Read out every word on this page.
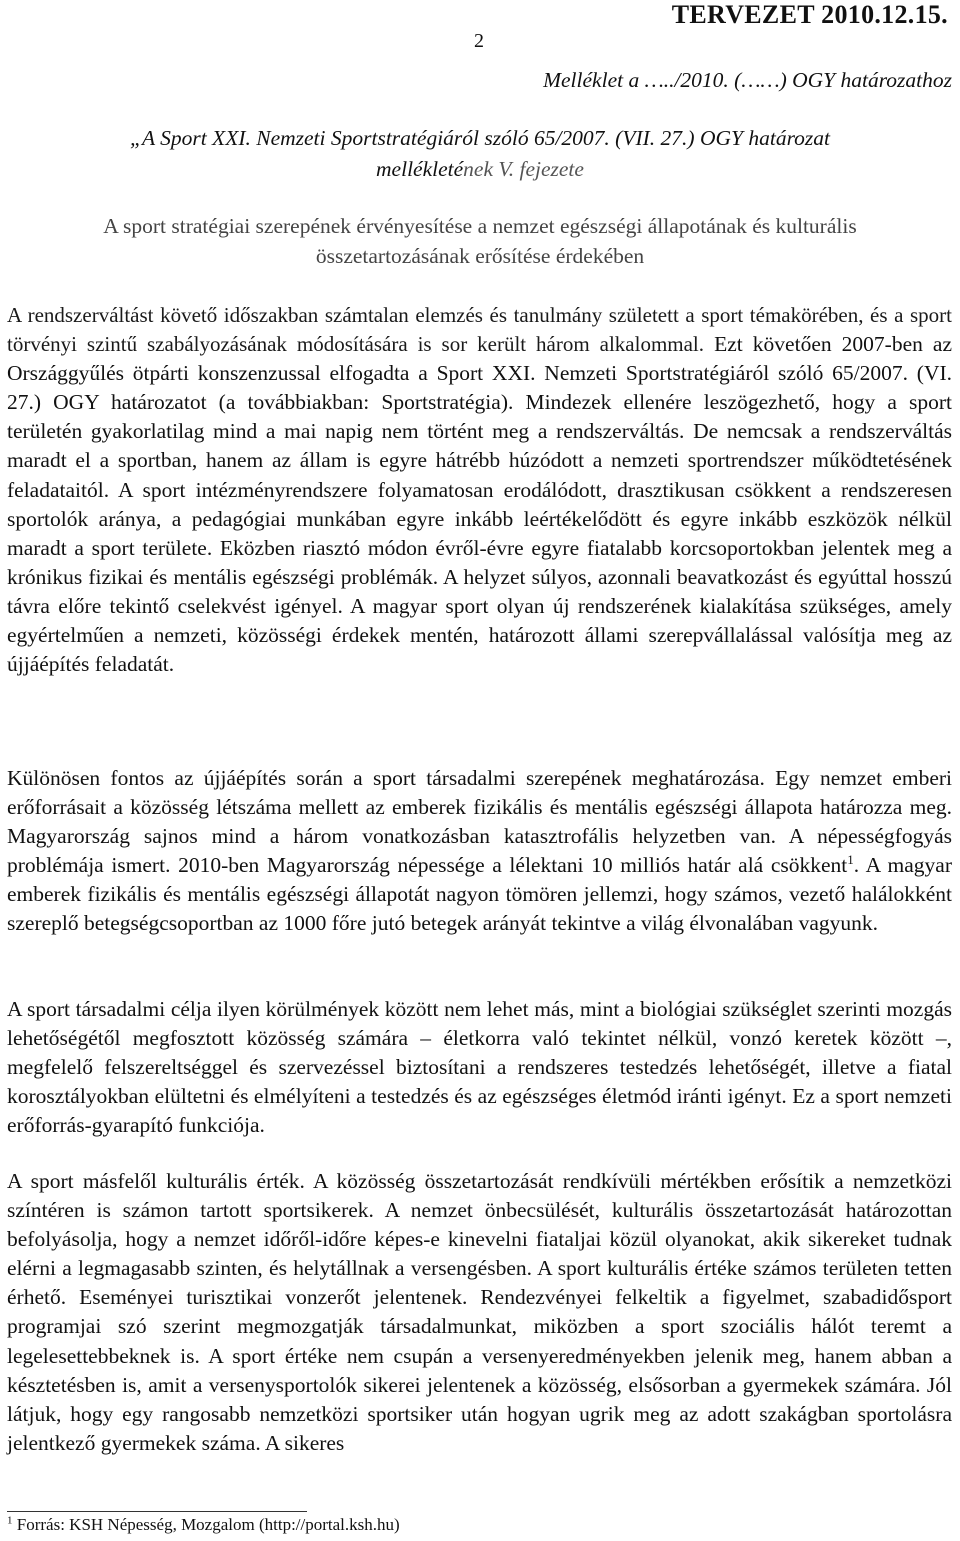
2
TERVEZET 2010.12.15.
Melléklet a …../2010. (……) OGY határozathoz
„A Sport XXI. Nemzeti Sportstratégiáról szóló 65/2007. (VII. 27.) OGY határozat
mellékletének V. fejezete
A sport stratégiai szerepének érvényesítése a nemzet egészségi állapotának és kulturális
összetartozásának erősítése érdekében

A rendszerváltást követő időszakban számtalan elemzés és tanulmány született a sport témakörében, és a sport törvényi szintű szabályozásának módosítására is sor került három alkalommal. Ezt követően 2007-ben az Országgyűlés ötpárti konszenzussal elfogadta a Sport XXI. Nemzeti Sportstratégiáról szóló 65/2007. (VI. 27.) OGY határozatot (a továbbiakban: Sportstratégia). Mindezek ellenére leszögezhető, hogy a sport területén gyakorlatilag mind a mai napig nem történt meg a rendszerváltás. De nemcsak a rendszerváltás maradt el a sportban, hanem az állam is egyre hátrébb húzódott a nemzeti sportrendszer működtetésének feladataitól. A sport intézményrendszere folyamatosan erodálódott, drasztikusan csökkent a rendszeresen sportolók aránya, a pedagógiai munkában egyre inkább leértékelődött és egyre inkább eszközök nélkül maradt a sport területe. Eközben riasztó módon évről-évre egyre fiatalabb korcsoportokban jelentek meg a krónikus fizikai és mentális egészségi problémák. A helyzet súlyos, azonnali beavatkozást és egyúttal hosszú távra előre tekintő cselekvést igényel. A magyar sport olyan új rendszerének kialakítása szükséges, amely egyértelműen a nemzeti, közösségi érdekek mentén, határozott állami szerepvállalással valósítja meg az újjáépítés feladatát.

Különösen fontos az újjáépítés során a sport társadalmi szerepének meghatározása. Egy nemzet emberi erőforrásait a közösség létszáma mellett az emberek fizikális és mentális egészségi állapota határozza meg. Magyarország sajnos mind a három vonatkozásban katasztrofális helyzetben van. A népességfogyás problémája ismert. 2010-ben Magyarország népessége a lélektani 10 milliós határ alá csökkent$^1$. A magyar emberek fizikális és mentális egészségi állapotát nagyon tömören jellemzi, hogy számos, vezető halálokként szereplő betegségcsoportban az 1000 főre jutó betegek arányát tekintve a világ élvonalában vagyunk.

A sport társadalmi célja ilyen körülmények között nem lehet más, mint a biológiai szükséglet szerinti mozgás lehetőségétől megfosztott közösség számára – életkorra való tekintet nélkül, vonzó keretek között –, megfelelő felszereltséggel és szervezéssel biztosítani a rendszeres testedzés lehetőségét, illetve a fiatal korosztályokban elültetni és elmélyíteni a testedzés és az egészséges életmód iránti igényt. Ez a sport nemzeti erőforrás-gyarapító funkciója.

A sport másfelől kulturális érték. A közösség összetartozását rendkívüli mértékben erősítik a nemzetközi színtéren is számon tartott sportsikerek. A nemzet önbecsülését, kulturális összetartozását határozottan befolyásolja, hogy a nemzet időről-időre képes-e kinevelni fiataljai közül olyanokat, akik sikereket tudnak elérni a legmagasabb szinten, és helytállnak a versengésben. A sport kulturális értéke számos területen tetten érhető. Eseményei turisztikai vonzerőt jelentenek. Rendezvényei felkeltik a figyelmet, szabadidősport programjai szó szerint megmozgatják társadalmunkat, miközben a sport szociális hálót teremt a legelesettebbeknek is. A sport értéke nem csupán a versenyeredményekben jelenik meg, hanem abban a késztetésben is, amit a versenysportolók sikerei jelentenek a közösség, elsősorban a gyermekek számára. Jól látjuk, hogy egy rangosabb nemzetközi sportsiker után hogyan ugrik meg az adott szakágban sportolásra jelentkező gyermekek száma. A sikeres

$^1$ Forrás: KSH Népesség, Mozgalom (http://portal.ksh.hu)
